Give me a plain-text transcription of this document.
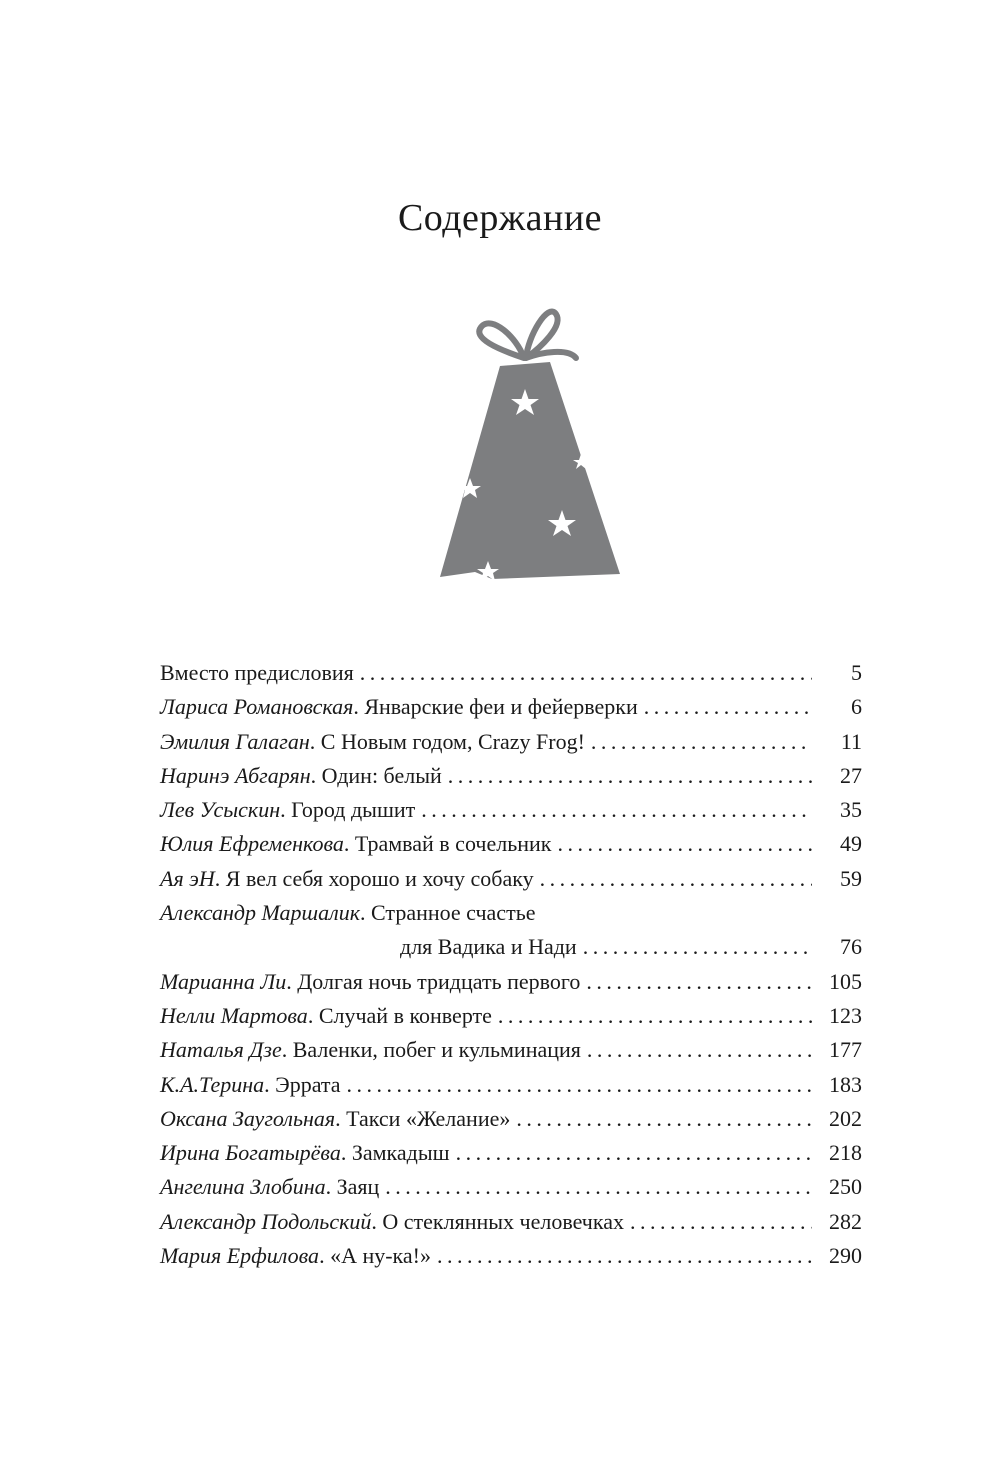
Содержание
Вместо предисловия . . .	5
Лариса Романовская. Январские феи и фейерверки . . .	6
Эмилия Галаган. С Новым годом, Crazy Frog! . . .	11
Наринэ Абгарян. Один: белый . . .	27
Лев Усыскин. Город дышит . . .	35
Юлия Ефременкова. Трамвай в сочельник . . .	49
Ая эН. Я вел себя хорошо и хочу собаку . . .	59
Александр Маршалик. Странное счастье
для Вадика и Нади . . .	76
Марианна Ли. Долгая ночь тридцать первого . . .	105
Нелли Мартова. Случай в конверте . . .	123
Наталья Дзе. Валенки, побег и кульминация . . .	177
К.А.Терина. Эррата . . .	183
Оксана Заугольная. Такси «Желание» . . .	202
Ирина Богатырёва. Замкадыш . . .	218
Ангелина Злобина. Заяц . . .	250
Александр Подольский. О стеклянных человечках . . .	282
Мария Ерфилова. «А ну-ка!» . . .	290
